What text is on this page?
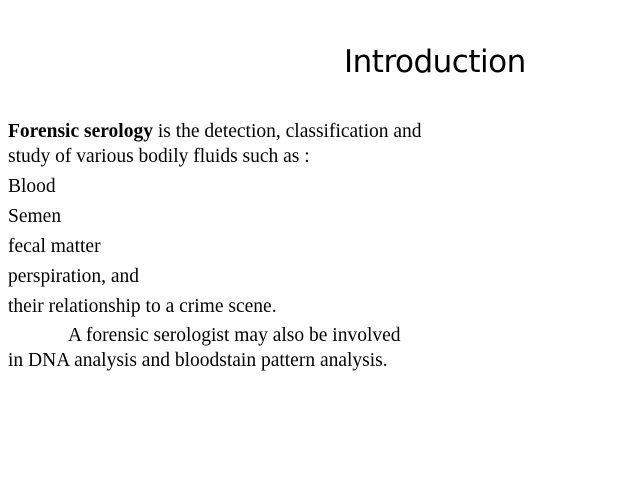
Introduction
Forensic serology is the detection, classification and
study of various bodily fluids such as :
Blood
Semen
fecal matter
perspiration, and
their relationship to a crime scene.
A forensic serologist may also be involved
in DNA analysis and bloodstain pattern analysis.
